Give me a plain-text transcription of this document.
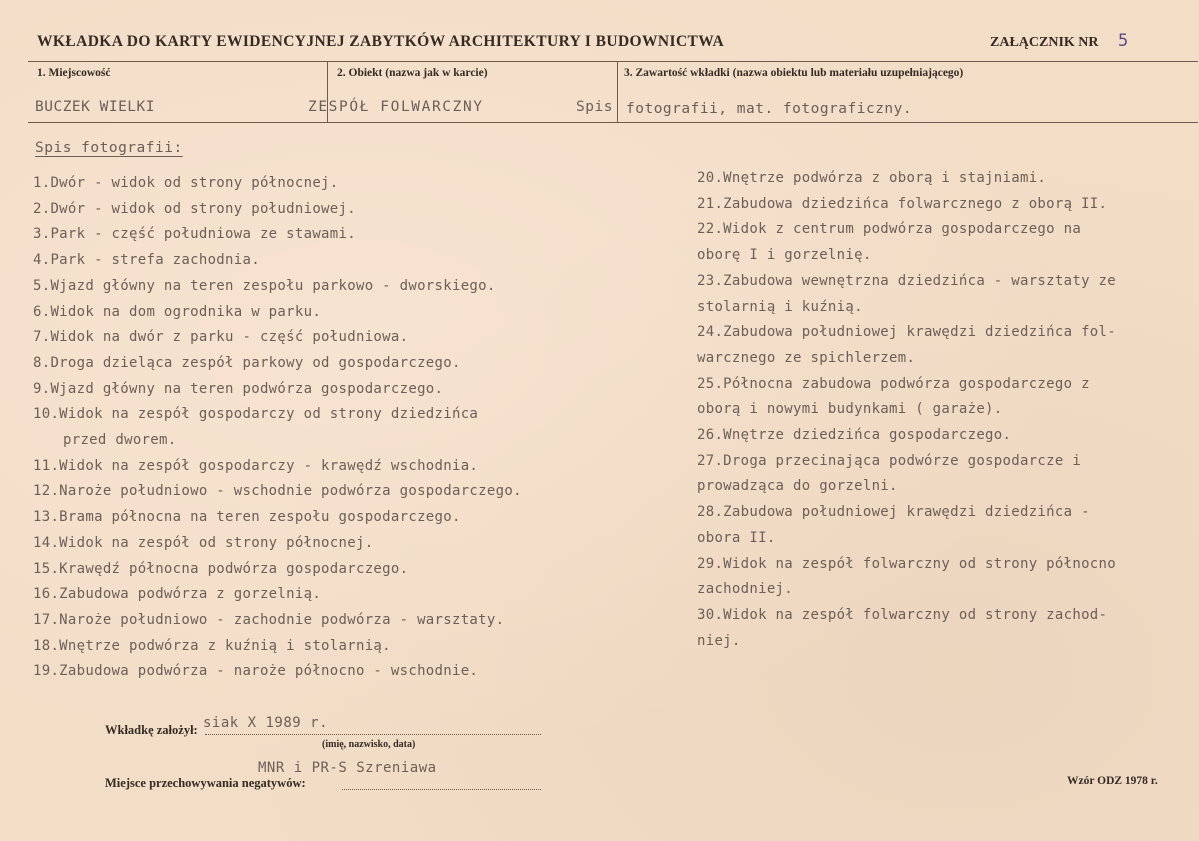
WKŁADKA DO KARTY EWIDENCYJNEJ ZABYTKÓW ARCHITEKTURY I BUDOWNICTWA	ZAŁĄCZNIK NR 5
1. Miejscowość	2. Obiekt (nazwa jak w karcie)	3. Zawartość wkładki (nazwa obiektu lub materiału uzupełniającego)
BUCZEK WIELKI	ZESPÓŁ FOLWARCZNY	Spis fotografii, mat. fotograficzny.
Spis fotografii:
1.Dwór - widok od strony północnej.
2.Dwór - widok od strony południowej.
3.Park - część południowa ze stawami.
4.Park - strefa zachodnia.
5.Wjazd główny na teren zespołu parkowo - dworskiego.
6.Widok na dom ogrodnika w parku.
7.Widok na dwór z parku - część południowa.
8.Droga dzieląca zespół parkowy od gospodarczego.
9.Wjazd główny na teren podwórza gospodarczego.
10.Widok na zespół gospodarczy od strony dziedzińca
przed dworem.
11.Widok na zespół gospodarczy - krawędź wschodnia.
12.Naroże południowo - wschodnie podwórza gospodarczego.
13.Brama północna na teren zespołu gospodarczego.
14.Widok na zespół od strony północnej.
15.Krawędź północna podwórza gospodarczego.
16.Zabudowa podwórza z gorzelnią.
17.Naroże południowo - zachodnie podwórza - warsztaty.
18.Wnętrze podwórza z kuźnią i stolarnią.
19.Zabudowa podwórza - naroże północno - wschodnie.
20.Wnętrze podwórza z oborą i stajniami.
21.Zabudowa dziedzińca folwarcznego z oborą II.
22.Widok z centrum podwórza gospodarczego na
oborę I i gorzelnię.
23.Zabudowa wewnętrzna dziedzińca - warsztaty ze
stolarnią i kuźnią.
24.Zabudowa południowej krawędzi dziedzińca fol-
warcznego ze spichlerzem.
25.Północna zabudowa podwórza gospodarczego z
oborą i nowymi budynkami ( garaże).
26.Wnętrze dziedzińca gospodarczego.
27.Droga przecinająca podwórze gospodarcze i
prowadząca do gorzelni.
28.Zabudowa południowej krawędzi dziedzińca -
obora II.
29.Widok na zespół folwarczny od strony północno
zachodniej.
30.Widok na zespół folwarczny od strony zachod-
niej.
Wkładkę założył: siak X 1989 r.
(imię, nazwisko, data)
Miejsce przechowywania negatywów:
MNR i PR-S Szreniawa
Wzór ODZ 1978 r.
